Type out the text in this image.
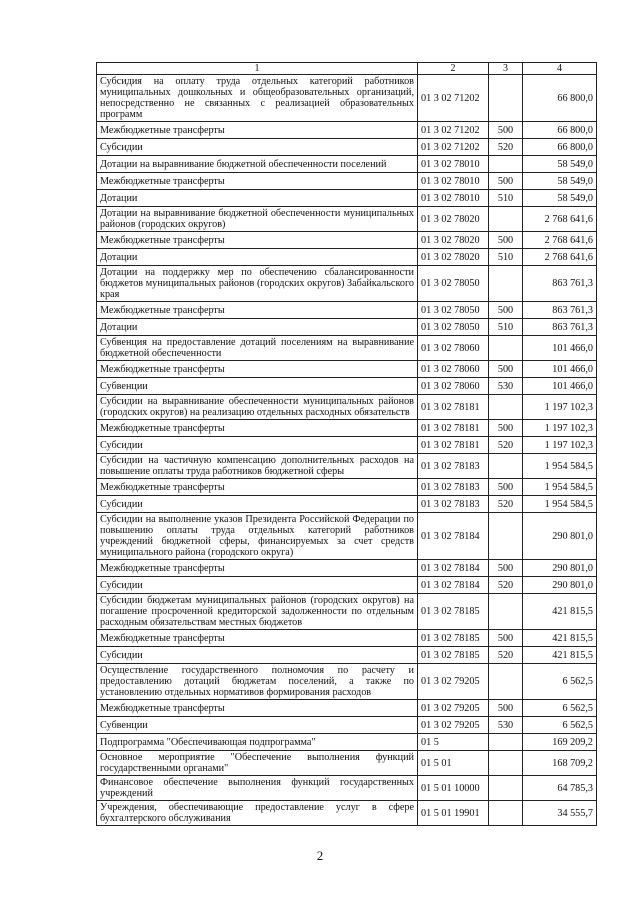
1	2	3	4
Субсидия на оплату труда отдельных категорий работников муниципальных дошкольных и общеобразовательных организаций, непосредственно не связанных с реализацией образовательных программ	01 3 02 71202		66 800,0
Межбюджетные трансферты	01 3 02 71202	500	66 800,0
Субсидии	01 3 02 71202	520	66 800,0
Дотации на выравнивание бюджетной обеспеченности поселений	01 3 02 78010		58 549,0
Межбюджетные трансферты	01 3 02 78010	500	58 549,0
Дотации	01 3 02 78010	510	58 549,0
Дотации на выравнивание бюджетной обеспеченности муниципальных районов (городских округов)	01 3 02 78020		2 768 641,6
Межбюджетные трансферты	01 3 02 78020	500	2 768 641,6
Дотации	01 3 02 78020	510	2 768 641,6
Дотации на поддержку мер по обеспечению сбалансированности бюджетов муниципальных районов (городских округов) Забайкальского края	01 3 02 78050		863 761,3
Межбюджетные трансферты	01 3 02 78050	500	863 761,3
Дотации	01 3 02 78050	510	863 761,3
Субвенция на предоставление дотаций поселениям на выравнивание бюджетной обеспеченности	01 3 02 78060		101 466,0
Межбюджетные трансферты	01 3 02 78060	500	101 466,0
Субвенции	01 3 02 78060	530	101 466,0
Субсидии на выравнивание обеспеченности муниципальных районов (городских округов) на реализацию отдельных расходных обязательств	01 3 02 78181		1 197 102,3
Межбюджетные трансферты	01 3 02 78181	500	1 197 102,3
Субсидии	01 3 02 78181	520	1 197 102,3
Субсидии на частичную компенсацию дополнительных расходов на повышение оплаты труда работников бюджетной сферы	01 3 02 78183		1 954 584,5
Межбюджетные трансферты	01 3 02 78183	500	1 954 584,5
Субсидии	01 3 02 78183	520	1 954 584,5
Субсидии на выполнение указов Президента Российской Федерации по повышению оплаты труда отдельных категорий работников учреждений бюджетной сферы, финансируемых за счет средств муниципального района (городского округа)	01 3 02 78184		290 801,0
Межбюджетные трансферты	01 3 02 78184	500	290 801,0
Субсидии	01 3 02 78184	520	290 801,0
Субсидии бюджетам муниципальных районов (городских округов) на погашение просроченной кредиторской задолженности по отдельным расходным обязательствам местных бюджетов	01 3 02 78185		421 815,5
Межбюджетные трансферты	01 3 02 78185	500	421 815,5
Субсидии	01 3 02 78185	520	421 815,5
Осуществление государственного полномочия по расчету и предоставлению дотаций бюджетам поселений, а также по установлению отдельных нормативов формирования расходов	01 3 02 79205		6 562,5
Межбюджетные трансферты	01 3 02 79205	500	6 562,5
Субвенции	01 3 02 79205	530	6 562,5
Подпрограмма "Обеспечивающая подпрограмма"	01 5		169 209,2
Основное мероприятие "Обеспечение выполнения функций государственными органами"	01 5 01		168 709,2
Финансовое обеспечение выполнения функций государственных учреждений	01 5 01 10000		64 785,3
Учреждения, обеспечивающие предоставление услуг в сфере бухгалтерского обслуживания	01 5 01 19901		34 555,7
2
